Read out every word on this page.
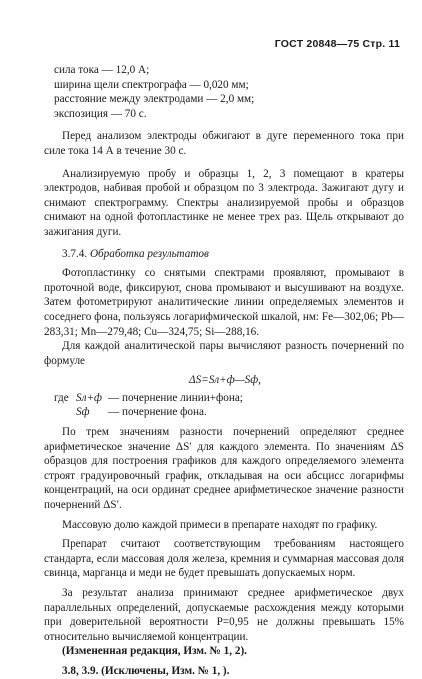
ГОСТ 20848—75 Стр. 11

сила тока — 12,0 А;

ширина щели спектрографа — 0,020 мм;

расстояние между электродами — 2,0 мм;

экспозиция — 70 с.

Перед анализом электроды обжигают в дуге переменного тока при силе тока 14 А в течение 30 с.

Анализируемую пробу и образцы 1, 2, 3 помещают в кратеры электродов, набивая пробой и образцом по 3 электрода. Зажигают дугу и снимают спектрограмму. Спектры анализируемой пробы и образцов снимают на одной фотопластинке не менее трех раз. Щель открывают до зажигания дуги.

3.7.4. Обработка результатов

Фотопластинку со снятыми спектрами проявляют, промывают в проточной воде, фиксируют, снова промывают и высушивают на воздухе. Затем фотометрируют аналитические линии определяемых элементов и соседнего фона, пользуясь логарифмической шкалой, нм: Fe—302,06; Pb—283,31; Mn—279,48; Cu—324,75; Si—288,16.

Для каждой аналитической пары вычисляют разность почернений по формуле

ΔS=Sл+ф—Sф,

где Sл+ф — почернение линии+фона;
Sф	— почернение фона.

По трем значениям разности почернений определяют среднее арифметическое значение ΔS′ для каждого элемента. По значениям ΔS образцов для построения графиков для каждого определяемого элемента строят градуировочный график, откладывая на оси абсцисс логарифмы концентраций, на оси ординат среднее арифметическое значение разности почернений ΔS′.

Массовую долю каждой примеси в препарате находят по графику.

Препарат считают соответствующим требованиям настоящего стандарта, если массовая доля железа, кремния и суммарная массовая доля свинца, марганца и меди не будет превышать допускаемых норм.

За результат анализа принимают среднее арифметическое двух параллельных определений, допускаемые расхождения между которыми при доверительной вероятности P=0,95 не должны превышать 15% относительно вычисляемой концентрации.

(Измененная редакция, Изм. № 1, 2).

3.8, 3.9. (Исключены, Изм. № 1, ).
